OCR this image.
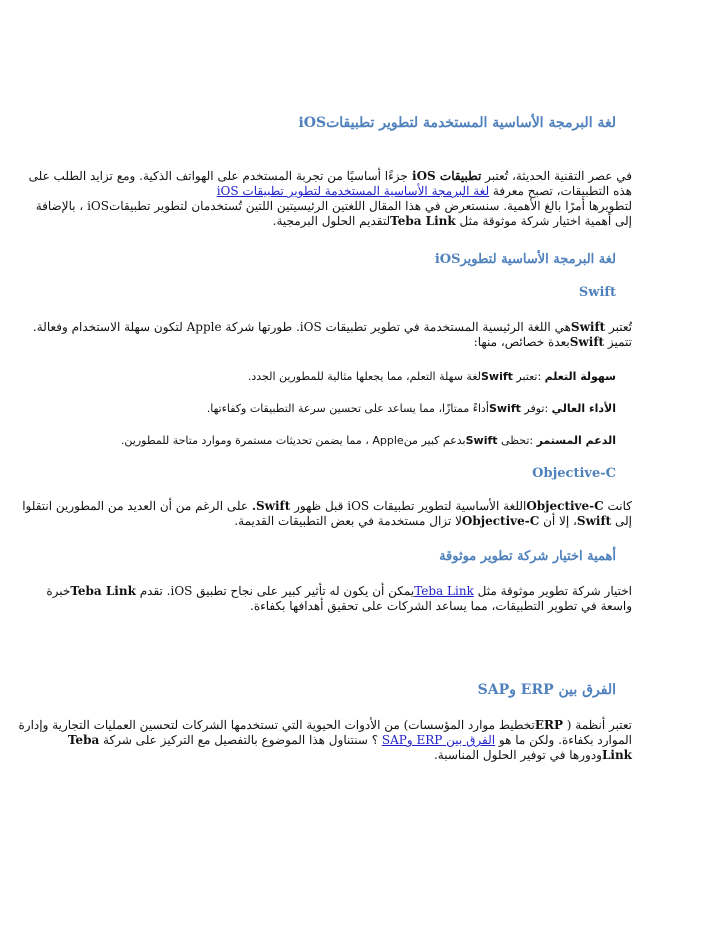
لغة البرمجة الأساسية المستخدمة لتطوير تطبيقاتiOS
في عصر التقنية الحديثة، تُعتبر تطبيقات iOS جزءًا أساسيًا من تجربة المستخدم على الهواتف الذكية. ومع تزايد الطلب على
هذه التطبيقات، تصبح معرفة لغة البرمجة الأساسية المستخدمة لتطوير تطبيقات iOS
لتطويرها أمرًا بالغ الأهمية. سنستعرض في هذا المقال اللغتين الرئيسيتين اللتين تُستخدمان لتطوير تطبيقاتiOS ، بالإضافة
إلى أهمية اختيار شركة موثوقة مثل Teba Linkلتقديم الحلول البرمجية.
لغة البرمجة الأساسية لتطويرiOS
Swift
تُعتبر Swiftهي اللغة الرئيسية المستخدمة في تطوير تطبيقات iOS. طورتها شركة Apple لتكون سهلة الاستخدام وفعالة.
تتميز Swiftبعدة خصائص، منها:
سهولة التعلم :تعتبر Swiftلغة سهلة التعلم، مما يجعلها مثالية للمطورين الجدد.
الأداء العالي :توفر Swiftأداءً ممتازًا، مما يساعد على تحسين سرعة التطبيقات وكفاءتها.
الدعم المستمر :تحظى Swiftبدعم كبير منApple ، مما يضمن تحديثات مستمرة وموارد متاحة للمطورين.
Objective-C
كانت Objective-Cاللغة الأساسية لتطوير تطبيقات iOS قبل ظهور Swift. على الرغم من أن العديد من المطورين انتقلوا
إلى Swift، إلا أن Objective-Cلا تزال مستخدمة في بعض التطبيقات القديمة.
أهمية اختيار شركة تطوير موثوقة
اختيار شركة تطوير موثوقة مثل Teba Linkيمكن أن يكون له تأثير كبير على نجاح تطبيق iOS. تقدم Teba Linkخبرة
واسعة في تطوير التطبيقات، مما يساعد الشركات على تحقيق أهدافها بكفاءة.
الفرق بين ERP وSAP
تعتبر أنظمة ( ERPتخطيط موارد المؤسسات) من الأدوات الحيوية التي تستخدمها الشركات لتحسين العمليات التجارية وإدارة
الموارد بكفاءة. ولكن ما هو الفرق بين ERP وSAP ؟ سنتناول هذا الموضوع بالتفصيل مع التركيز على شركة Teba
Linkودورها في توفير الحلول المناسبة.
